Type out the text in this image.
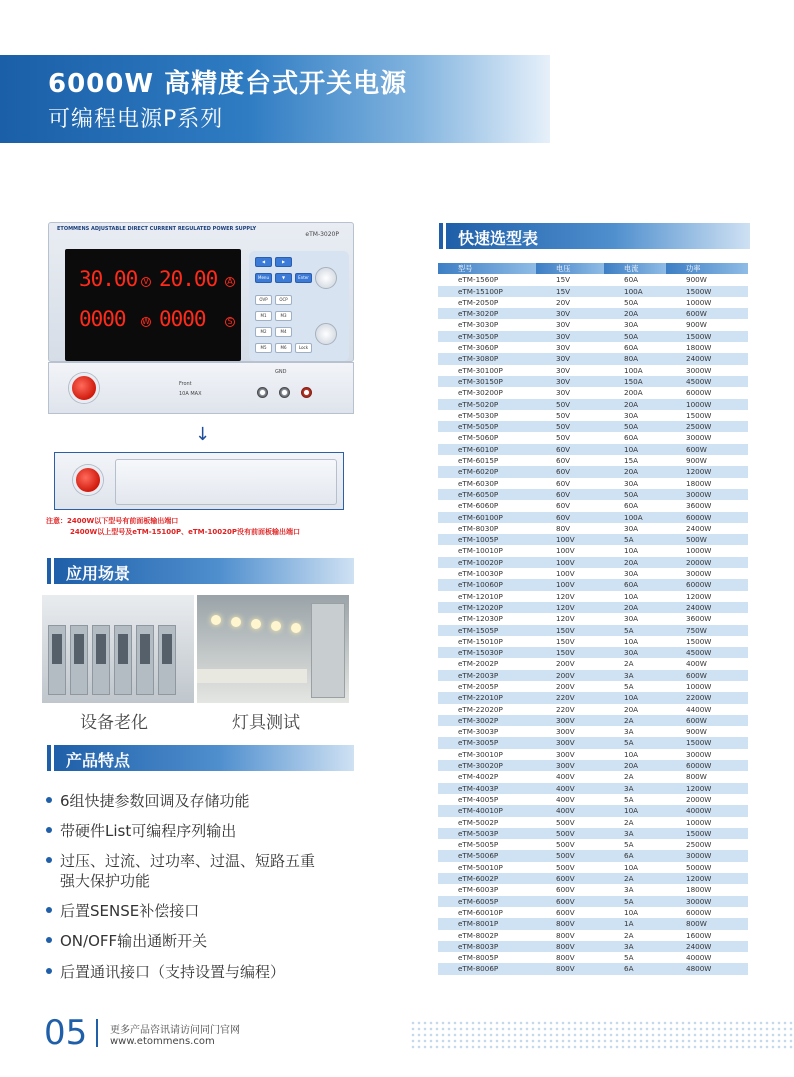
6000W 高精度台式开关电源
可编程电源P系列
ETOMMENS ADJUSTABLE DIRECT CURRENT REGULATED POWER SUPPLY
eTM-3020P
30.00 V 20.00 A
0000 W 0000	S
◀	▶
Menu	▼	Enter
OVP	OCP
M1	M3
M2	M4
M5	M6	Lock
Front
10A MAX
GND
↓
注意：2400W以下型号有前面板输出端口
2400W以上型号及eTM-15100P、eTM-10020P没有前面板输出端口
应用场景
设备老化	灯具测试
产品特点
6组快捷参数回调及存储功能
带硬件List可编程序列输出
过压、过流、过功率、过温、短路五重
强大保护功能
后置SENSE补偿接口
ON/OFF输出通断开关
后置通讯接口（支持设置与编程）
快速选型表
型号	电压	电流	功率
eTM-1560P	15V	60A	900W
eTM-15100P	15V	100A	1500W
eTM-2050P	20V	50A	1000W
eTM-3020P	30V	20A	600W
eTM-3030P	30V	30A	900W
eTM-3050P	30V	50A	1500W
eTM-3060P	30V	60A	1800W
eTM-3080P	30V	80A	2400W
eTM-30100P	30V	100A	3000W
eTM-30150P	30V	150A	4500W
eTM-30200P	30V	200A	6000W
eTM-5020P	50V	20A	1000W
eTM-5030P	50V	30A	1500W
eTM-5050P	50V	50A	2500W
eTM-5060P	50V	60A	3000W
eTM-6010P	60V	10A	600W
eTM-6015P	60V	15A	900W
eTM-6020P	60V	20A	1200W
eTM-6030P	60V	30A	1800W
eTM-6050P	60V	50A	3000W
eTM-6060P	60V	60A	3600W
eTM-60100P	60V	100A	6000W
eTM-8030P	80V	30A	2400W
eTM-1005P	100V	5A	500W
eTM-10010P	100V	10A	1000W
eTM-10020P	100V	20A	2000W
eTM-10030P	100V	30A	3000W
eTM-10060P	100V	60A	6000W
eTM-12010P	120V	10A	1200W
eTM-12020P	120V	20A	2400W
eTM-12030P	120V	30A	3600W
eTM-1505P	150V	5A	750W
eTM-15010P	150V	10A	1500W
eTM-15030P	150V	30A	4500W
eTM-2002P	200V	2A	400W
eTM-2003P	200V	3A	600W
eTM-2005P	200V	5A	1000W
eTM-22010P	220V	10A	2200W
eTM-22020P	220V	20A	4400W
eTM-3002P	300V	2A	600W
eTM-3003P	300V	3A	900W
eTM-3005P	300V	5A	1500W
eTM-30010P	300V	10A	3000W
eTM-30020P	300V	20A	6000W
eTM-4002P	400V	2A	800W
eTM-4003P	400V	3A	1200W
eTM-4005P	400V	5A	2000W
eTM-40010P	400V	10A	4000W
eTM-5002P	500V	2A	1000W
eTM-5003P	500V	3A	1500W
eTM-5005P	500V	5A	2500W
eTM-5006P	500V	6A	3000W
eTM-50010P	500V	10A	5000W
eTM-6002P	600V	2A	1200W
eTM-6003P	600V	3A	1800W
eTM-6005P	600V	5A	3000W
eTM-60010P	600V	10A	6000W
eTM-8001P	800V	1A	800W
eTM-8002P	800V	2A	1600W
eTM-8003P	800V	3A	2400W
eTM-8005P	800V	5A	4000W
eTM-8006P	800V	6A	4800W
05 更多产品咨讯请访问同门官网
www.etommens.com
